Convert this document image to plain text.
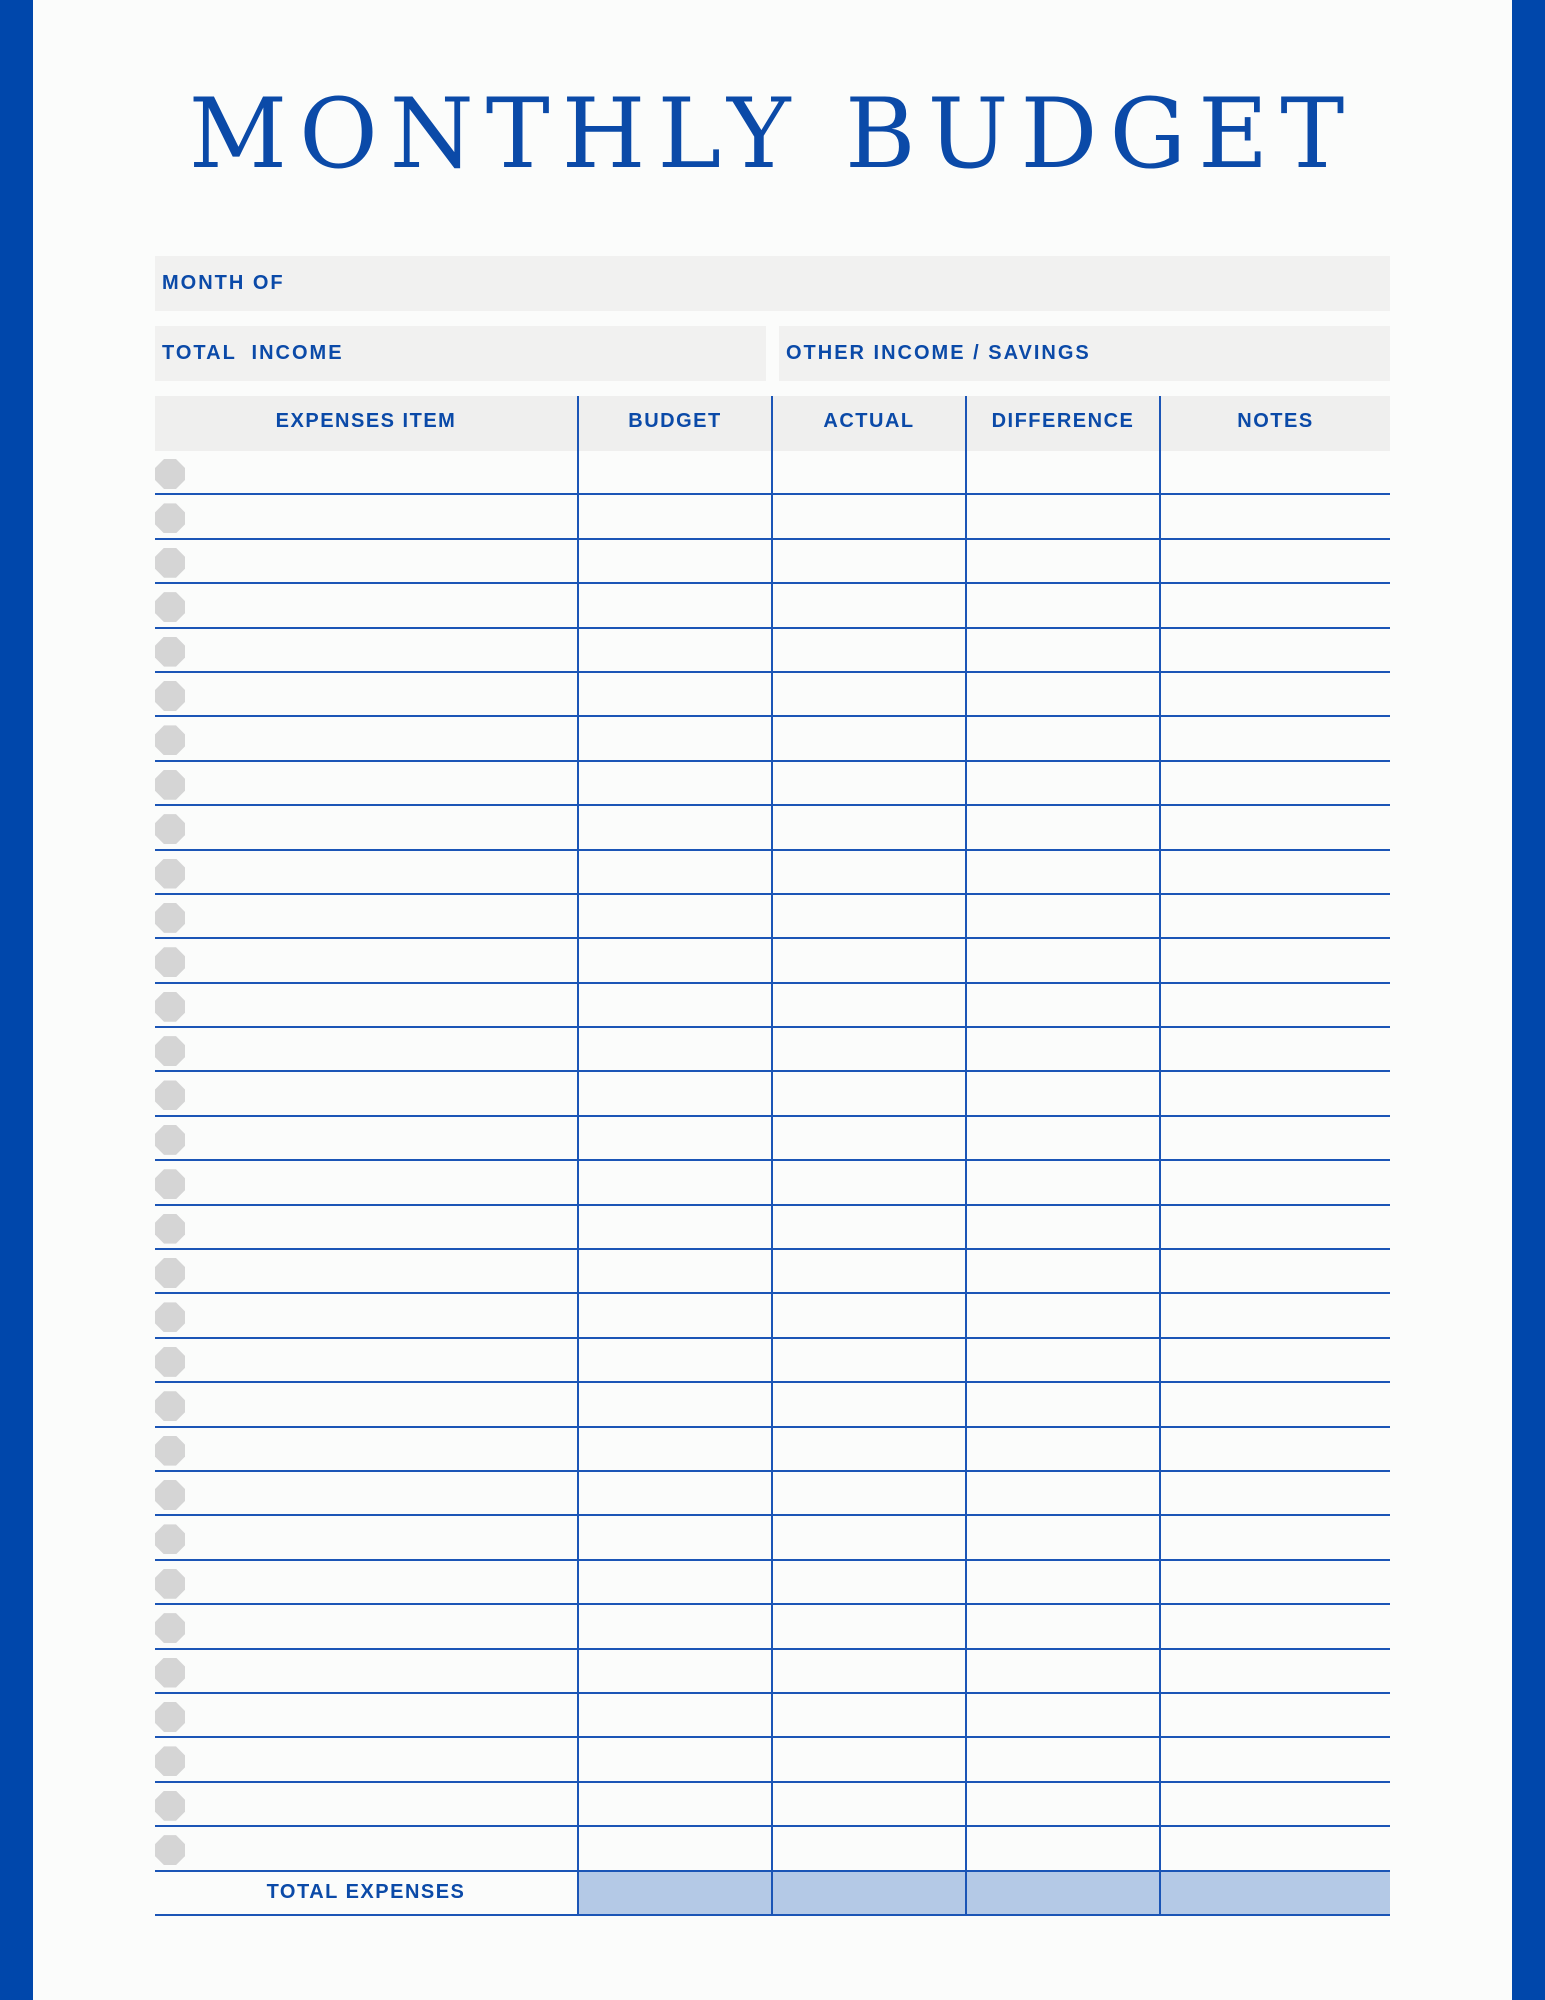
MONTHLY BUDGET
MONTH OF
TOTAL  INCOME	OTHER INCOME / SAVINGS
EXPENSES ITEM	BUDGET	ACTUAL	DIFFERENCE	NOTES
TOTAL EXPENSES
